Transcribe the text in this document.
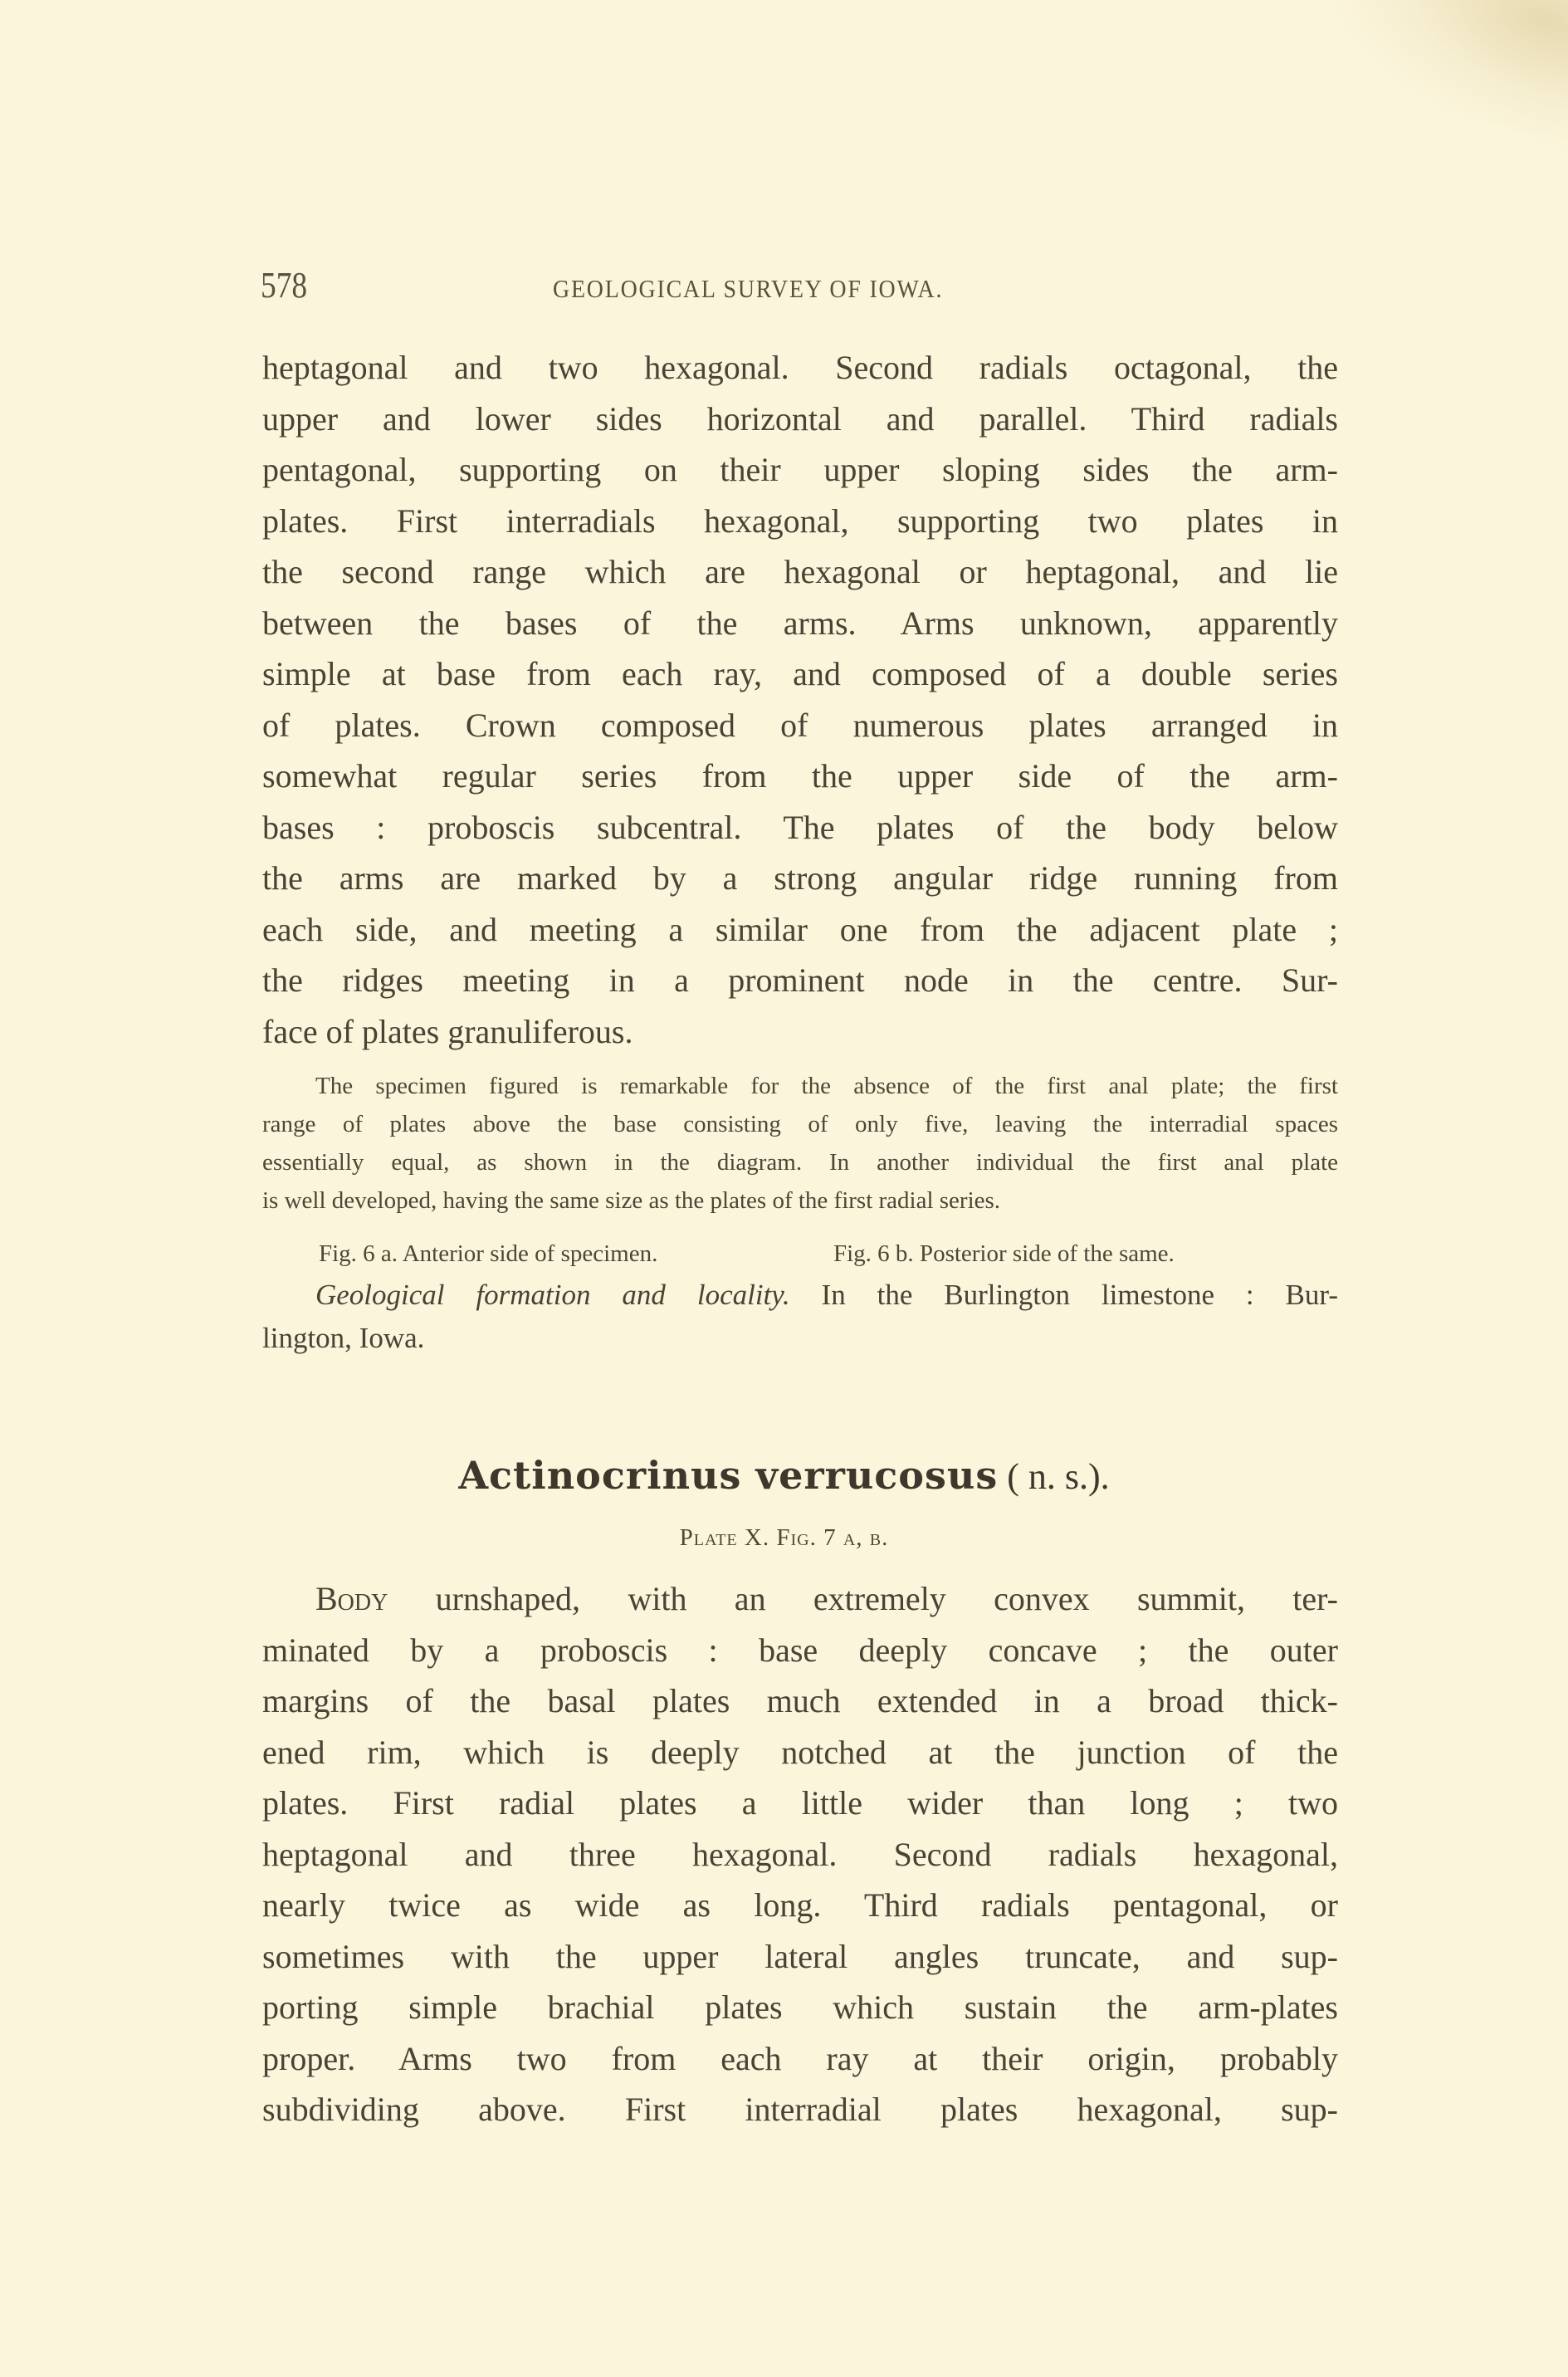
578	GEOLOGICAL SURVEY OF IOWA.
heptagonal and two hexagonal. Second radials octagonal, the
upper and lower sides horizontal and parallel. Third radials
pentagonal, supporting on their upper sloping sides the arm-
plates. First interradials hexagonal, supporting two plates in
the second range which are hexagonal or heptagonal, and lie
between the bases of the arms. Arms unknown, apparently
simple at base from each ray, and composed of a double series
of plates. Crown composed of numerous plates arranged in
somewhat regular series from the upper side of the arm-
bases : proboscis subcentral. The plates of the body below
the arms are marked by a strong angular ridge running from
each side, and meeting a similar one from the adjacent plate ;
the ridges meeting in a prominent node in the centre. Sur-
face of plates granuliferous.
The specimen figured is remarkable for the absence of the first anal plate; the first
range of plates above the base consisting of only five, leaving the interradial spaces
essentially equal, as shown in the diagram. In another individual the first anal plate
is well developed, having the same size as the plates of the first radial series.
Fig. 6 a. Anterior side of specimen.	Fig. 6 b. Posterior side of the same.
Geological formation and locality. In the Burlington limestone : Bur-
lington, Iowa.
Actinocrinus verrucosus ( n. s.).
Plate X. Fig. 7 a, b.
Body urnshaped, with an extremely convex summit, ter-
minated by a proboscis : base deeply concave ; the outer
margins of the basal plates much extended in a broad thick-
ened rim, which is deeply notched at the junction of the
plates. First radial plates a little wider than long ; two
heptagonal and three hexagonal. Second radials hexagonal,
nearly twice as wide as long. Third radials pentagonal, or
sometimes with the upper lateral angles truncate, and sup-
porting simple brachial plates which sustain the arm-plates
proper. Arms two from each ray at their origin, probably
subdividing above. First interradial plates hexagonal, sup-
